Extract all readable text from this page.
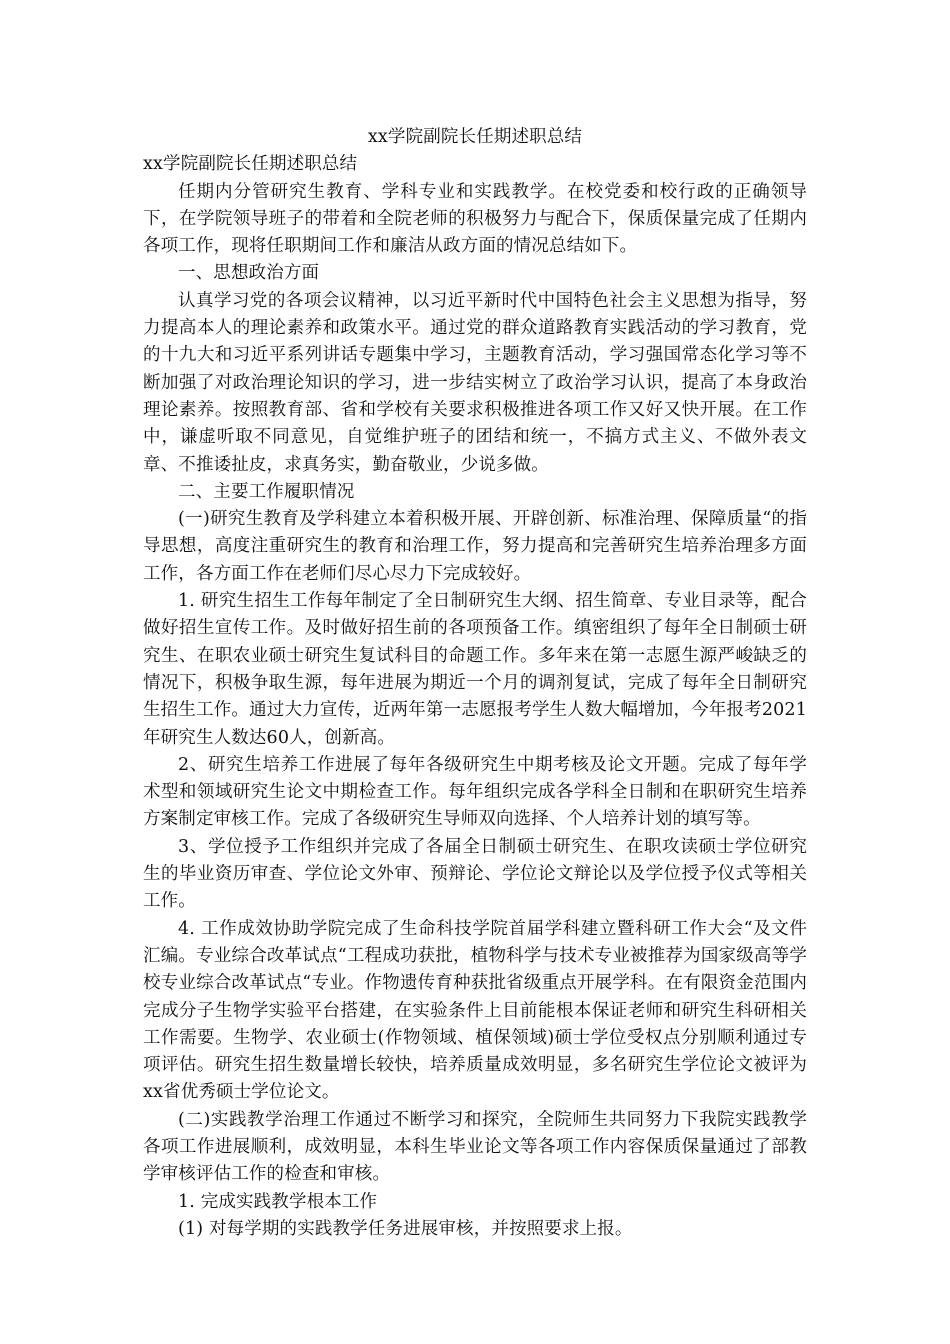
xx学院副院长任期述职总结
xx学院副院长任期述职总结

任期内分管研究生教育、学科专业和实践教学。在校党委和校行政的正确领导下，在学院领导班子的带着和全院老师的积极努力与配合下，保质保量完成了任期内各项工作，现将任职期间工作和廉洁从政方面的情况总结如下。

一、思想政治方面

认真学习党的各项会议精神，以习近平新时代中国特色社会主义思想为指导，努力提高本人的理论素养和政策水平。通过党的群众道路教育实践活动的学习教育，党的十九大和习近平系列讲话专题集中学习，主题教育活动，学习强国常态化学习等不断加强了对政治理论知识的学习，进一步结实树立了政治学习认识，提高了本身政治理论素养。按照教育部、省和学校有关要求积极推进各项工作又好又快开展。在工作中，谦虚听取不同意见，自觉维护班子的团结和统一，不搞方式主义、不做外表文章、不推诿扯皮，求真务实，勤奋敬业，少说多做。

二、主要工作履职情况

(一)研究生教育及学科建立本着积极开展、开辟创新、标准治理、保障质量“的指导思想，高度注重研究生的教育和治理工作，努力提高和完善研究生培养治理多方面工作，各方面工作在老师们尽心尽力下完成较好。

1. 研究生招生工作每年制定了全日制研究生大纲、招生简章、专业目录等，配合做好招生宣传工作。及时做好招生前的各项预备工作。缜密组织了每年全日制硕士研究生、在职农业硕士研究生复试科目的命题工作。多年来在第一志愿生源严峻缺乏的情况下，积极争取生源，每年进展为期近一个月的调剂复试，完成了每年全日制研究生招生工作。通过大力宣传，近两年第一志愿报考学生人数大幅增加，今年报考2021年研究生人数达60人，创新高。

2、研究生培养工作进展了每年各级研究生中期考核及论文开题。完成了每年学术型和领域研究生论文中期检查工作。每年组织完成各学科全日制和在职研究生培养方案制定审核工作。完成了各级研究生导师双向选择、个人培养计划的填写等。

3、学位授予工作组织并完成了各届全日制硕士研究生、在职攻读硕士学位研究生的毕业资历审查、学位论文外审、预辩论、学位论文辩论以及学位授予仪式等相关工作。

4. 工作成效协助学院完成了生命科技学院首届学科建立暨科研工作大会“及文件汇编。专业综合改革试点“工程成功获批，植物科学与技术专业被推荐为国家级高等学校专业综合改革试点“专业。作物遗传育种获批省级重点开展学科。在有限资金范围内完成分子生物学实验平台搭建，在实验条件上目前能根本保证老师和研究生科研相关工作需要。生物学、农业硕士(作物领域、植保领域)硕士学位受权点分别顺利通过专项评估。研究生招生数量增长较快，培养质量成效明显，多名研究生学位论文被评为xx省优秀硕士学位论文。

(二)实践教学治理工作通过不断学习和探究，全院师生共同努力下我院实践教学各项工作进展顺利，成效明显，本科生毕业论文等各项工作内容保质保量通过了部教学审核评估工作的检查和审核。

1. 完成实践教学根本工作

(1) 对每学期的实践教学任务进展审核，并按照要求上报。
